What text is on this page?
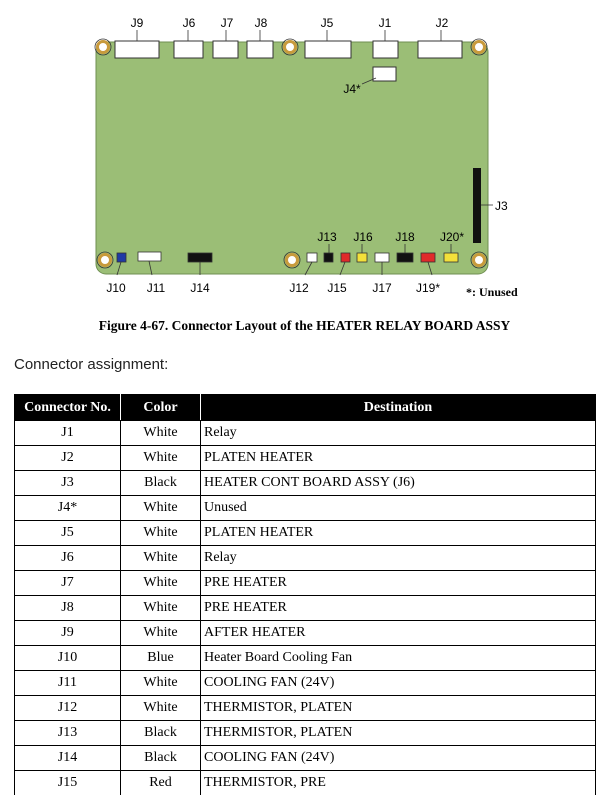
J9	J6 J7 J8	J5	J1	J2
J4*
J3
J13 J16 J18 J20*
J10 J11 J14	J12 J15 J17 J19* *: Unused
Figure 4-67. Connector Layout of the HEATER RELAY BOARD ASSY
Connector assignment:
Connector No.	Color	Destination
J1	White	Relay
J2	White	PLATEN HEATER
J3	Black	HEATER CONT BOARD ASSY (J6)
J4*	White	Unused
J5	White	PLATEN HEATER
J6	White	Relay
J7	White	PRE HEATER
J8	White	PRE HEATER
J9	White	AFTER HEATER
J10	Blue	Heater Board Cooling Fan
J11	White	COOLING FAN (24V)
J12	White	THERMISTOR, PLATEN
J13	Black	THERMISTOR, PLATEN
J14	Black	COOLING FAN (24V)
J15	Red	THERMISTOR, PRE
